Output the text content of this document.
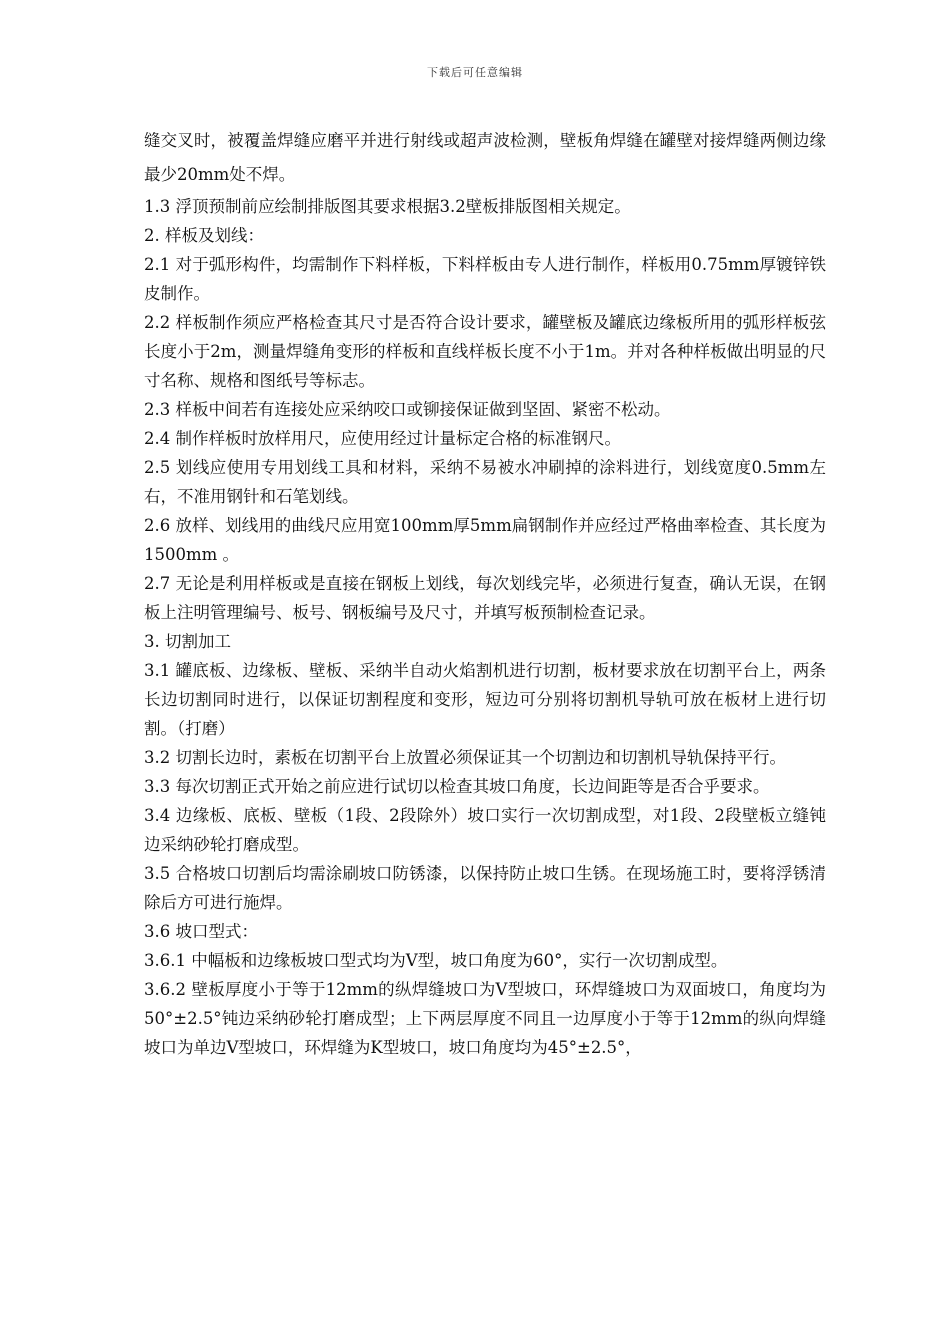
下载后可任意编辑

缝交叉时，被覆盖焊缝应磨平并进行射线或超声波检测，壁板角焊缝在罐壁对接焊缝两侧边缘最少20mm处不焊。

1.3 浮顶预制前应绘制排版图其要求根据3.2壁板排版图相关规定。

2. 样板及划线：

2.1 对于弧形构件，均需制作下料样板，下料样板由专人进行制作，样板用0.75mm厚镀锌铁皮制作。

2.2 样板制作须应严格检查其尺寸是否符合设计要求，罐壁板及罐底边缘板所用的弧形样板弦长度小于2m，测量焊缝角变形的样板和直线样板长度不小于1m。并对各种样板做出明显的尺寸名称、规格和图纸号等标志。

2.3 样板中间若有连接处应采纳咬口或铆接保证做到坚固、紧密不松动。

2.4 制作样板时放样用尺，应使用经过计量标定合格的标准钢尺。

2.5 划线应使用专用划线工具和材料，采纳不易被水冲刷掉的涂料进行，划线宽度0.5mm左右，不准用钢针和石笔划线。

2.6 放样、划线用的曲线尺应用宽100mm厚5mm扁钢制作并应经过严格曲率检查、其长度为 1500mm 。

2.7 无论是利用样板或是直接在钢板上划线，每次划线完毕，必须进行复查，确认无误，在钢板上注明管理编号、板号、钢板编号及尺寸，并填写板预制检查记录。

3. 切割加工

3.1 罐底板、边缘板、壁板、采纳半自动火焰割机进行切割，板材要求放在切割平台上，两条长边切割同时进行，以保证切割程度和变形，短边可分别将切割机导轨可放在板材上进行切割。（打磨）

3.2 切割长边时，素板在切割平台上放置必须保证其一个切割边和切割机导轨保持平行。

3.3 每次切割正式开始之前应进行试切以检查其坡口角度，长边间距等是否合乎要求。

3.4 边缘板、底板、壁板（1段、2段除外）坡口实行一次切割成型，对1段、2段壁板立缝钝边采纳砂轮打磨成型。

3.5 合格坡口切割后均需涂刷坡口防锈漆，以保持防止坡口生锈。在现场施工时，要将浮锈清除后方可进行施焊。

3.6 坡口型式：

3.6.1 中幅板和边缘板坡口型式均为V型，坡口角度为60°，实行一次切割成型。

3.6.2 壁板厚度小于等于12mm的纵焊缝坡口为V型坡口，环焊缝坡口为双面坡口，角度均为50°±2.5°钝边采纳砂轮打磨成型；上下两层厚度不同且一边厚度小于等于12mm的纵向焊缝坡口为单边V型坡口，环焊缝为K型坡口，坡口角度均为45°±2.5°，
